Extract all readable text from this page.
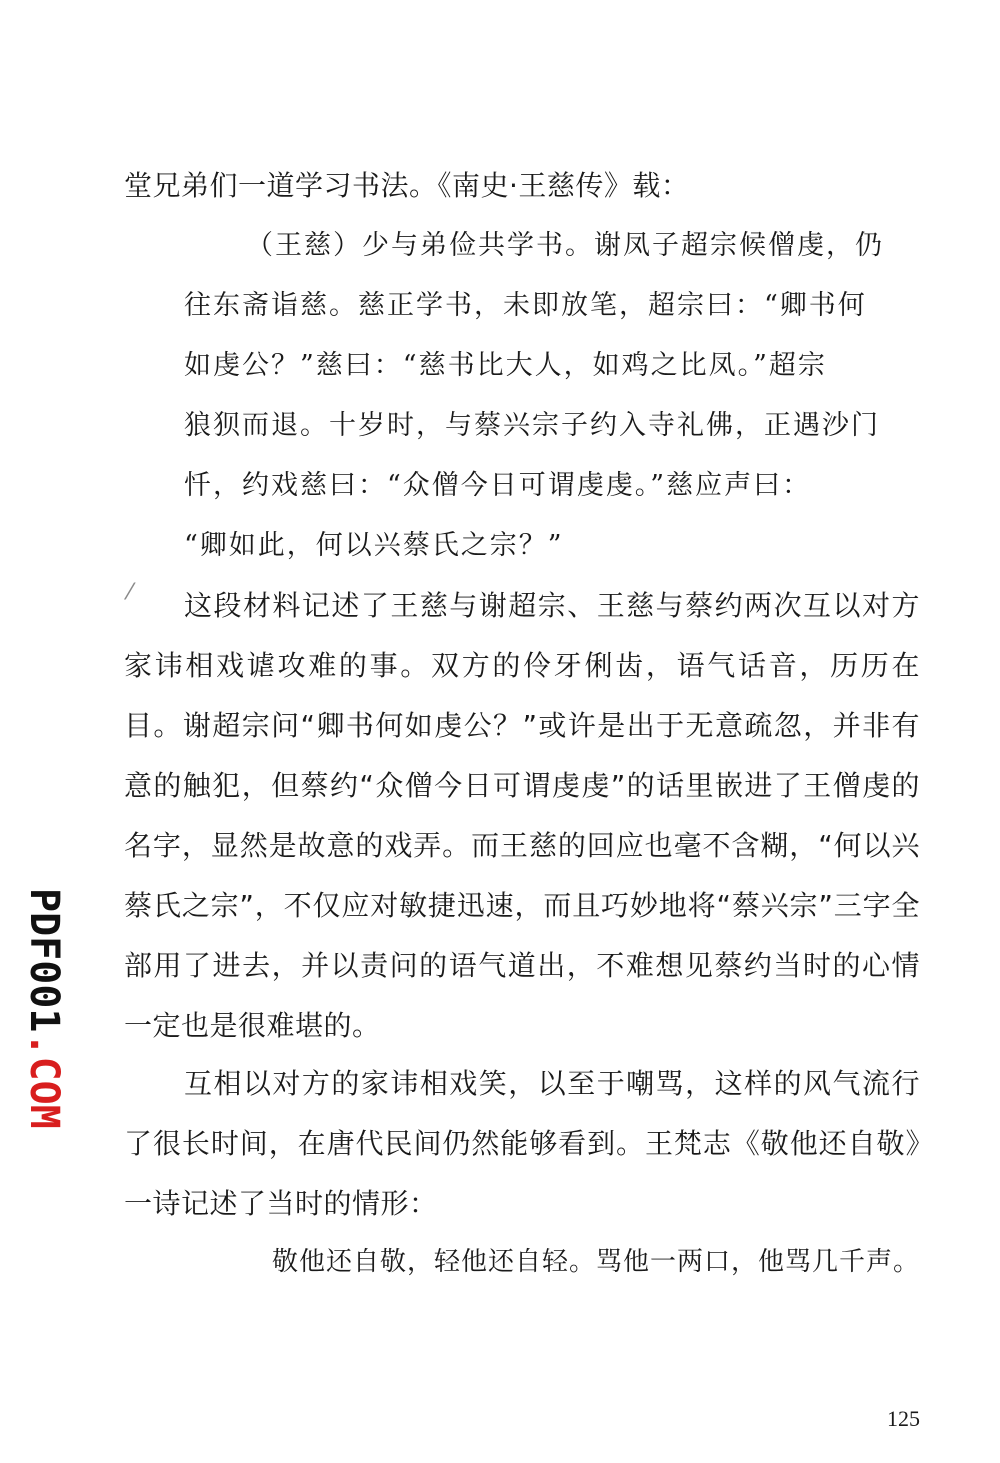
堂兄弟们一道学习书法。《南史·王慈传》载：

（王慈）少与弟俭共学书。谢凤子超宗候僧虔，仍

往东斋诣慈。慈正学书，未即放笔，超宗曰：“卿书何

如虔公？”慈曰：“慈书比大人，如鸡之比凤。”超宗

狼狈而退。十岁时，与蔡兴宗子约入寺礼佛，正遇沙门

忏，约戏慈曰：“众僧今日可谓虔虔。”慈应声曰：

“卿如此，何以兴蔡氏之宗？”

这段材料记述了王慈与谢超宗、王慈与蔡约两次互以对方家讳相戏谑攻难的事。双方的伶牙俐齿，语气话音，历历在目。谢超宗问“卿书何如虔公？”或许是出于无意疏忽，并非有意的触犯，但蔡约“众僧今日可谓虔虔”的话里嵌进了王僧虔的名字，显然是故意的戏弄。而王慈的回应也毫不含糊，“何以兴蔡氏之宗”，不仅应对敏捷迅速，而且巧妙地将“蔡兴宗”三字全部用了进去，并以责问的语气道出，不难想见蔡约当时的心情一定也是很难堪的。

互相以对方的家讳相戏笑，以至于嘲骂，这样的风气流行了很长时间，在唐代民间仍然能够看到。王梵志《敬他还自敬》一诗记述了当时的情形：

敬他还自敬，轻他还自轻。骂他一两口，他骂几千声。

125

PDF001.COM
⁄
